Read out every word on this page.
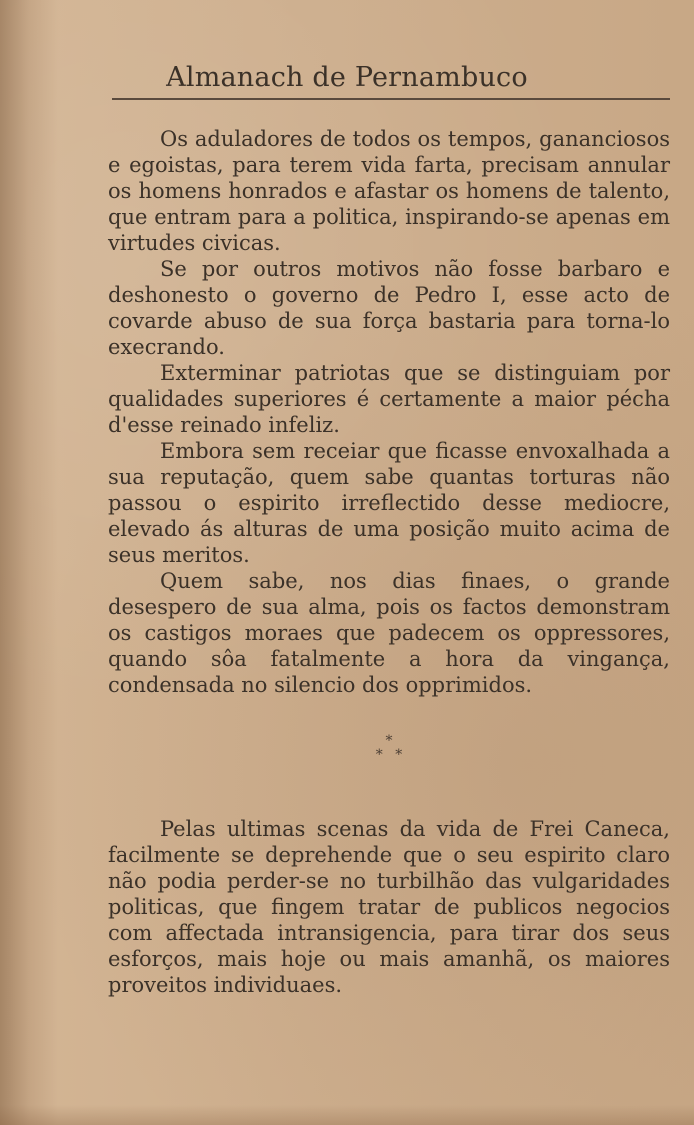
Almanach de Pernambuco

Os aduladores de todos os tempos, gananciosos e egoistas, para terem vida farta, precisam annular os homens honrados e afastar os homens de talento, que entram para a politica, inspirando-se apenas em virtudes civicas.

Se por outros motivos não fosse barbaro e deshonesto o governo de Pedro I, esse acto de covarde abuso de sua força bastaria para torna-lo execrando.

Exterminar patriotas que se distinguiam por qualidades superiores é certamente a maior pécha d'esse reinado infeliz.

Embora sem receiar que ficasse envoxalhada a sua reputação, quem sabe quantas torturas não passou o espirito irreflectido desse mediocre, elevado ás alturas de uma posição muito acima de seus meritos.

Quem sabe, nos dias finaes, o grande desespero de sua alma, pois os factos demonstram os castigos moraes que padecem os oppressores, quando sôa fatalmente a hora da vingança, condensada no silencio dos opprimidos.

*
* *

Pelas ultimas scenas da vida de Frei Caneca, facilmente se deprehende que o seu espirito claro não podia perder-se no turbilhão das vulgaridades politicas, que fingem tratar de publicos negocios com affectada intransigencia, para tirar dos seus esforços, mais hoje ou mais amanhã, os maiores proveitos individuaes.
